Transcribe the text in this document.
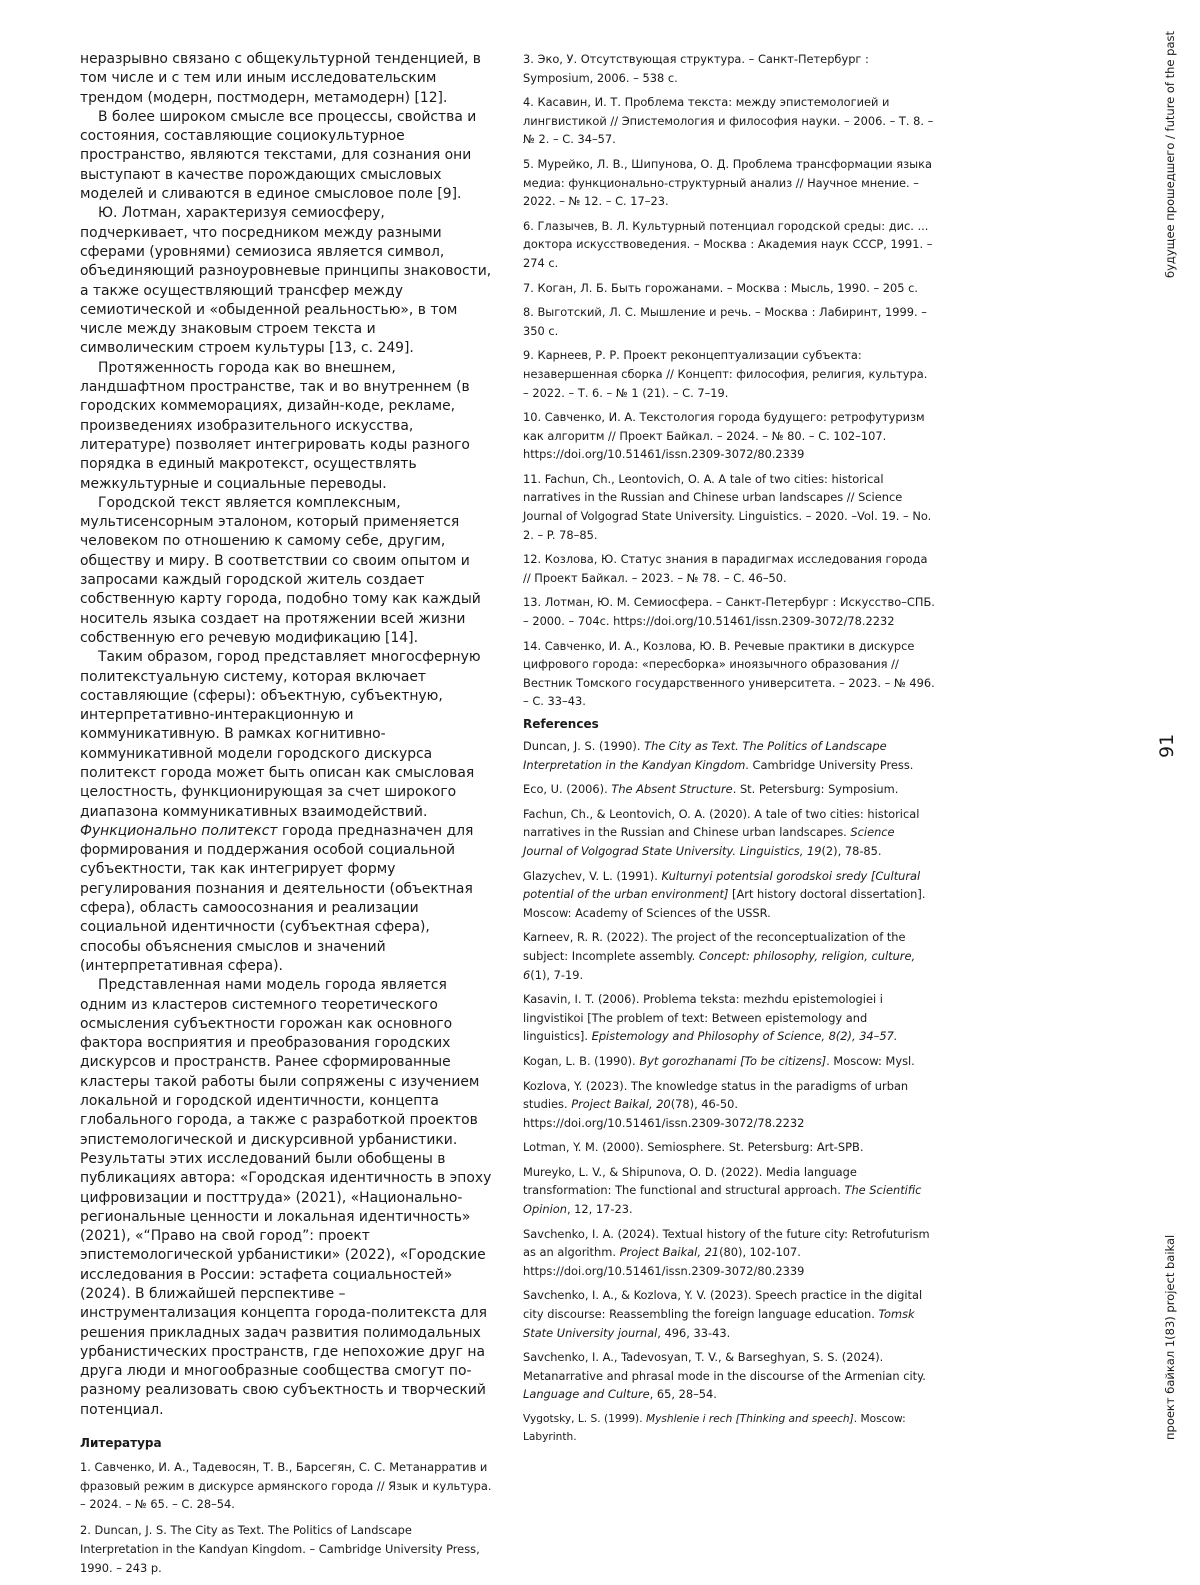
неразрывно связано с общекультурной тенденцией, в том числе и с тем или иным исследовательским трендом (модерн, постмодерн, метамодерн) [12].

В более широком смысле все процессы, свойства и состояния, составляющие социокультурное пространство, являются текстами, для сознания они выступают в качестве порождающих смысловых моделей и сливаются в единое смысловое поле [9].

Ю. Лотман, характеризуя семиосферу, подчеркивает, что посредником между разными сферами (уровнями) семиозиса является символ, объединяющий разноуровневые принципы знаковости, а также осуществляющий трансфер между семиотической и «обыденной реальностью», в том числе между знаковым строем текста и символическим строем культуры [13, с. 249].

Протяженность города как во внешнем, ландшафтном пространстве, так и во внутреннем (в городских коммеморациях, дизайн-коде, рекламе, произведениях изобразительного искусства, литературе) позволяет интегрировать коды разного порядка в единый макротекст, осуществлять межкультурные и социальные переводы.

Городской текст является комплексным, мультисенсорным эталоном, который применяется человеком по отношению к самому себе, другим, обществу и миру. В соответствии со своим опытом и запросами каждый городской житель создает собственную карту города, подобно тому как каждый носитель языка создает на протяжении всей жизни собственную его речевую модификацию [14].

Таким образом, город представляет многосферную политекстуальную систему, которая включает составляющие (сферы): объектную, субъектную, интерпретативно-интеракционную и коммуникативную. В рамках когнитивно-коммуникативной модели городского дискурса политекст города может быть описан как смысловая целостность, функционирующая за счет широкого диапазона коммуникативных взаимодействий. Функционально политекст города предназначен для формирования и поддержания особой социальной субъектности, так как интегрирует форму регулирования познания и деятельности (объектная сфера), область самоосознания и реализации социальной идентичности (субъектная сфера), способы объяснения смыслов и значений (интерпретативная сфера).

Представленная нами модель города является одним из кластеров системного теоретического осмысления субъектности горожан как основного фактора восприятия и преобразования городских дискурсов и пространств. Ранее сформированные кластеры такой работы были сопряжены с изучением локальной и городской идентичности, концепта глобального города, а также с разработкой проектов эпистемологической и дискурсивной урбанистики. Результаты этих исследований были обобщены в публикациях автора: «Городская идентичность в эпоху цифровизации и посттруда» (2021), «Национально-региональные ценности и локальная идентичность» (2021), «“Право на свой город”: проект эпистемологической урбанистики» (2022), «Городские исследования в России: эстафета социальностей» (2024). В ближайшей перспективе – инструментализация концепта города-политекста для решения прикладных задач развития полимодальных урбанистических пространств, где непохожие друг на друга люди и многообразные сообщества смогут по-разному реализовать свою субъектность и творческий потенциал.

Литература

1. Савченко, И. А., Тадевосян, Т. В., Барсегян, С. С. Метанарратив и фразовый режим в дискурсе армянского города // Язык и культура. – 2024. – № 65. – С. 28–54.

2. Duncan, J. S. The City as Text. The Politics of Landscape Interpretation in the Kandyan Kingdom. – Cambridge University Press, 1990. – 243 p.

3. Эко, У. Отсутствующая структура. – Санкт-Петербург : Symposium, 2006. – 538 с.

4. Касавин, И. Т. Проблема текста: между эпистемологией и лингвистикой // Эпистемология и философия науки. – 2006. – Т. 8. – № 2. – С. 34–57.

5. Мурейко, Л. В., Шипунова, О. Д. Проблема трансформации языка медиа: функционально-структурный анализ // Научное мнение. – 2022. – № 12. – С. 17–23.

6. Глазычев, В. Л. Культурный потенциал городской среды: дис. ... доктора искусствоведения. – Москва : Академия наук СССР, 1991. – 274 с.

7. Коган, Л. Б. Быть горожанами. – Москва : Мысль, 1990. – 205 с.

8. Выготский, Л. С. Мышление и речь. – Москва : Лабиринт, 1999. – 350 с.

9. Карнеев, Р. Р. Проект реконцептуализации субъекта: незавершенная сборка // Концепт: философия, религия, культура. – 2022. – Т. 6. – № 1 (21). – С. 7–19.

10. Савченко, И. А. Текстология города будущего: ретрофутуризм как алгоритм // Проект Байкал. – 2024. – № 80. – С. 102–107. https://doi.org/10.51461/issn.2309-3072/80.2339

11. Fachun, Ch., Leontovich, O. A. A tale of two cities: historical narratives in the Russian and Chinese urban landscapes // Science Journal of Volgograd State University. Linguistics. – 2020. –Vol. 19. – No. 2. – P. 78–85.

12. Козлова, Ю. Статус знания в парадигмах исследования города // Проект Байкал. – 2023. – № 78. – С. 46–50.

13. Лотман, Ю. М. Семиосфера. – Санкт-Петербург : Искусство–СПБ. – 2000. – 704с. https://doi.org/10.51461/issn.2309-3072/78.2232

14. Савченко, И. А., Козлова, Ю. В. Речевые практики в дискурсе цифрового города: «пересборка» иноязычного образования // Вестник Томского государственного университета. – 2023. – № 496. – С. 33–43.

References

Duncan, J. S. (1990). The City as Text. The Politics of Landscape Interpretation in the Kandyan Kingdom. Cambridge University Press.

Eco, U. (2006). The Absent Structure. St. Petersburg: Symposium.

Fachun, Ch., & Leontovich, O. A. (2020). A tale of two cities: historical narratives in the Russian and Chinese urban landscapes. Science Journal of Volgograd State University. Linguistics, 19(2), 78-85.

Glazychev, V. L. (1991). Kulturnyi potentsial gorodskoi sredy [Cultural potential of the urban environment] [Art history doctoral dissertation]. Moscow: Academy of Sciences of the USSR.

Karneev, R. R. (2022). The project of the reconceptualization of the subject: Incomplete assembly. Concept: philosophy, religion, culture, 6(1), 7-19.

Kasavin, I. T. (2006). Problema teksta: mezhdu epistemologiei i lingvistikoi [The problem of text: Between epistemology and linguistics]. Epistemology and Philosophy of Science, 8(2), 34–57.

Kogan, L. B. (1990). Byt gorozhanami [To be citizens]. Moscow: Mysl.

Kozlova, Y. (2023). The knowledge status in the paradigms of urban studies. Project Baikal, 20(78), 46-50. https://doi.org/10.51461/issn.2309-3072/78.2232

Lotman, Y. M. (2000). Semiosphere. St. Petersburg: Art-SPB.

Mureyko, L. V., & Shipunova, O. D. (2022). Media language transformation: The functional and structural approach. The Scientific Opinion, 12, 17-23.

Savchenko, I. A. (2024). Textual history of the future city: Retrofuturism as an algorithm. Project Baikal, 21(80), 102-107. https://doi.org/10.51461/issn.2309-3072/80.2339

Savchenko, I. A., & Kozlova, Y. V. (2023). Speech practice in the digital city discourse: Reassembling the foreign language education. Tomsk State University journal, 496, 33-43.

Savchenko, I. A., Tadevosyan, T. V., & Barseghyan, S. S. (2024). Metanarrative and phrasal mode in the discourse of the Armenian city. Language and Culture, 65, 28–54.

Vygotsky, L. S. (1999). Myshlenie i rech [Thinking and speech]. Moscow: Labyrinth.

будущее прошедшего / future of the past
91
проект байкал 1(83) project baikal
